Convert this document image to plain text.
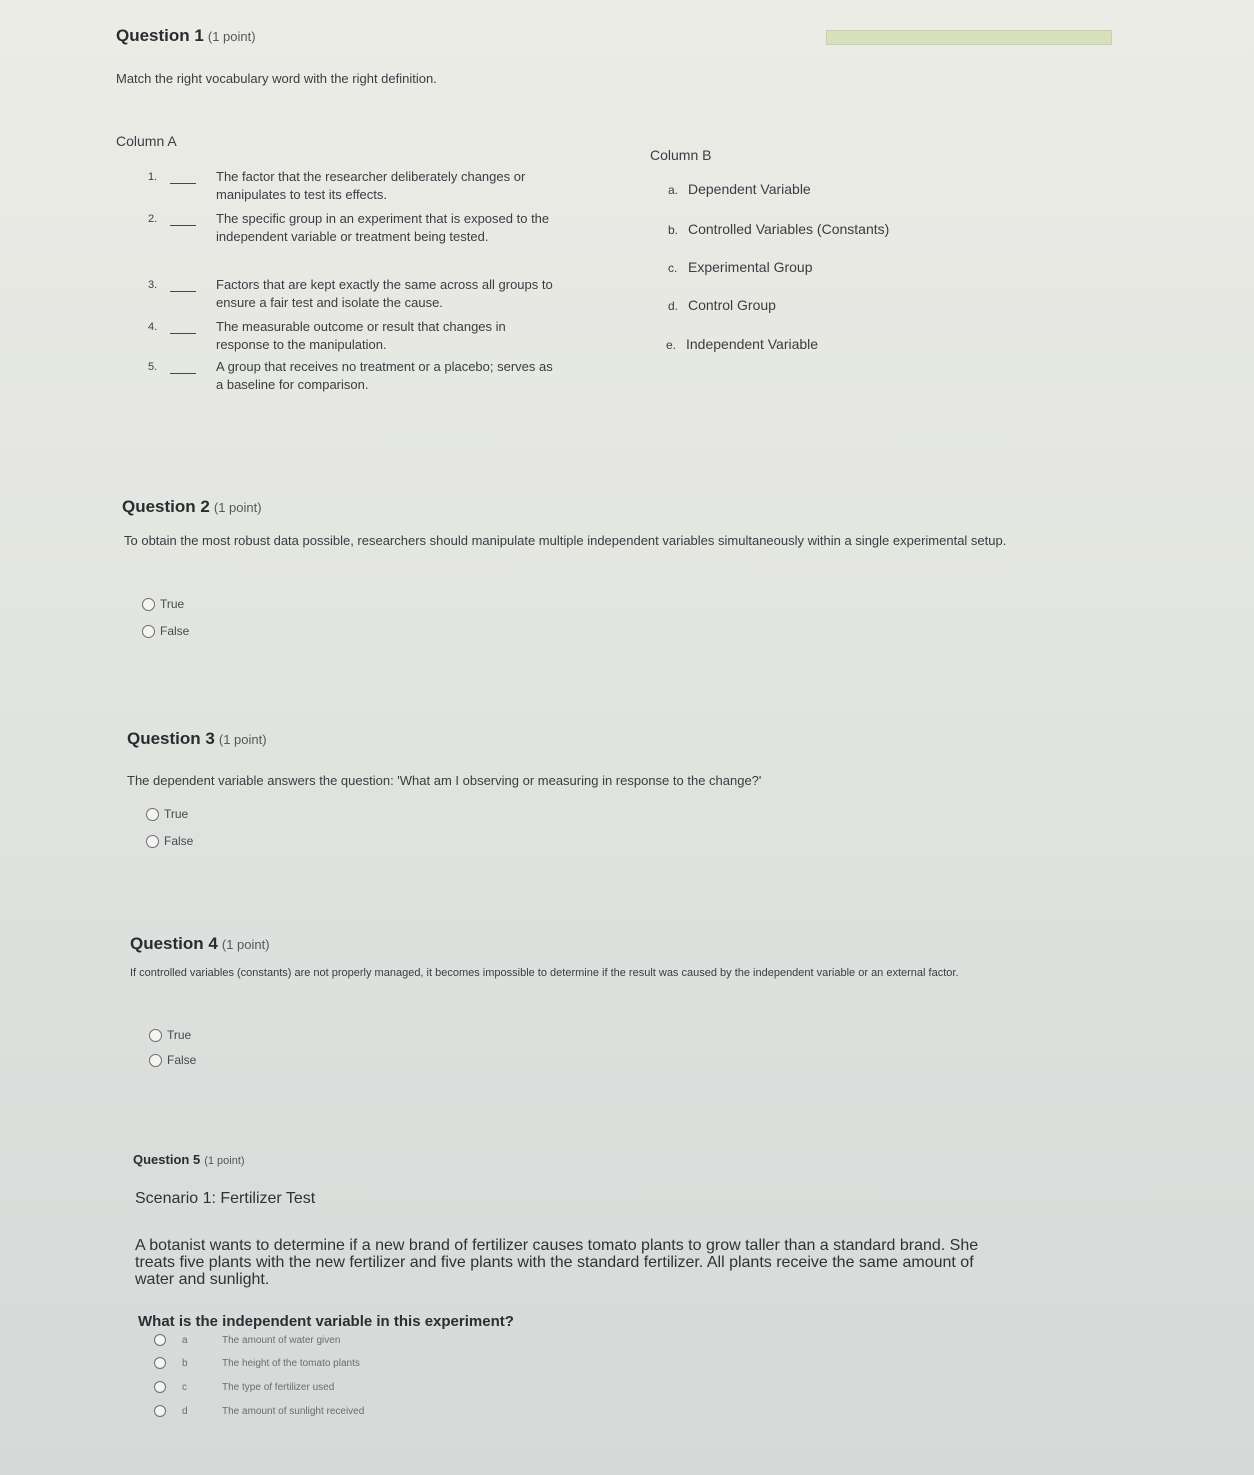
Question 1 (1 point)
Match the right vocabulary word with the right definition.
Column A
Column B
1.	The factor that the researcher deliberately changes or manipulates to test its effects.
2.	The specific group in an experiment that is exposed to the independent variable or treatment being tested.
3.	Factors that are kept exactly the same across all groups to ensure a fair test and isolate the cause.
4.	The measurable outcome or result that changes in response to the manipulation.
5.	A group that receives no treatment or a placebo; serves as a baseline for comparison.
a. Dependent Variable
b. Controlled Variables (Constants)
c. Experimental Group
d. Control Group
e. Independent Variable
Question 2 (1 point)
To obtain the most robust data possible, researchers should manipulate multiple independent variables simultaneously within a single experimental setup.
True
False
Question 3 (1 point)
The dependent variable answers the question: 'What am I observing or measuring in response to the change?'
True
False
Question 4 (1 point)
If controlled variables (constants) are not properly managed, it becomes impossible to determine if the result was caused by the independent variable or an external factor.
True
False
Question 5 (1 point)
Scenario 1: Fertilizer Test
A botanist wants to determine if a new brand of fertilizer causes tomato plants to grow taller than a standard brand. She treats five plants with the new fertilizer and five plants with the standard fertilizer. All plants receive the same amount of water and sunlight.
What is the independent variable in this experiment?
a	The amount of water given
b	The height of the tomato plants
c	The type of fertilizer used
d	The amount of sunlight received
